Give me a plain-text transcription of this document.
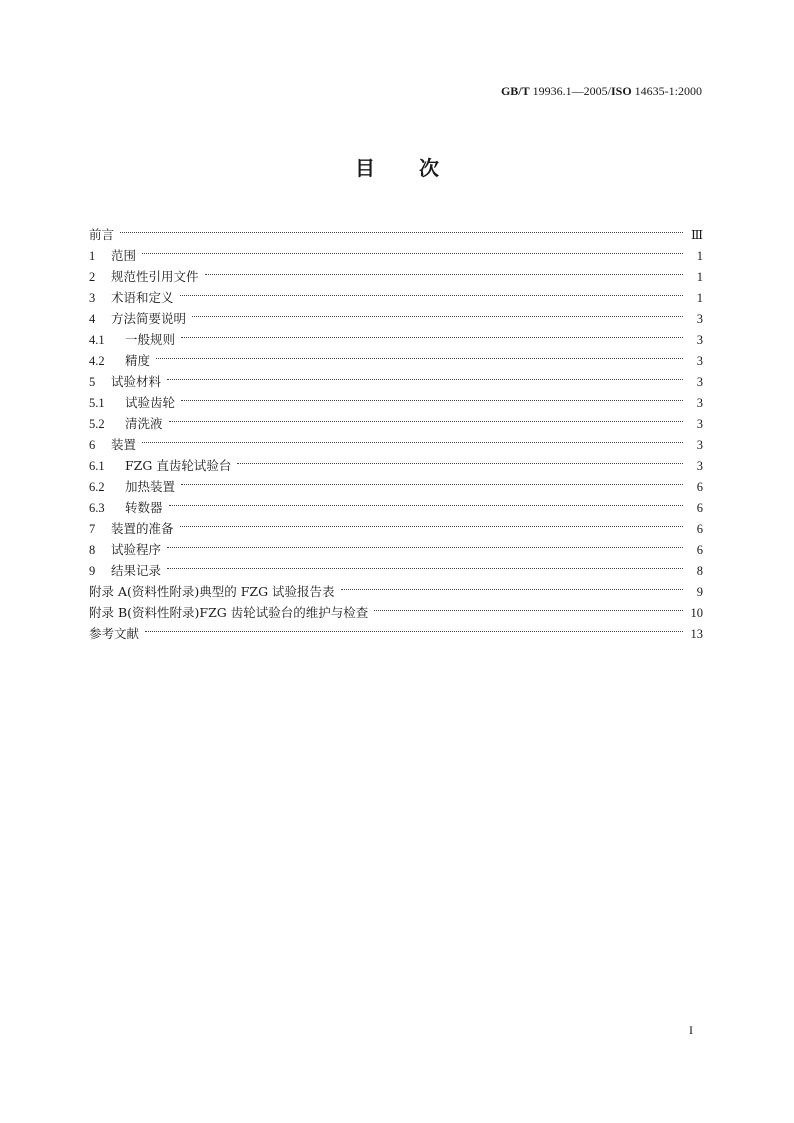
GB/T 19936.1—2005/ISO 14635-1:2000
目次
前言	Ⅲ
1 范围	1
2 规范性引用文件	1
3 术语和定义	1
4 方法简要说明	3
4.1 一般规则	3
4.2 精度	3
5 试验材料	3
5.1 试验齿轮	3
5.2 清洗液	3
6 装置	3
6.1 FZG 直齿轮试验台	3
6.2 加热装置	6
6.3 转数器	6
7 装置的准备	6
8 试验程序	6
9 结果记录	8
附录 A(资料性附录)典型的 FZG 试验报告表	9
附录 B(资料性附录)FZG 齿轮试验台的维护与检查	10
参考文献	13
I
